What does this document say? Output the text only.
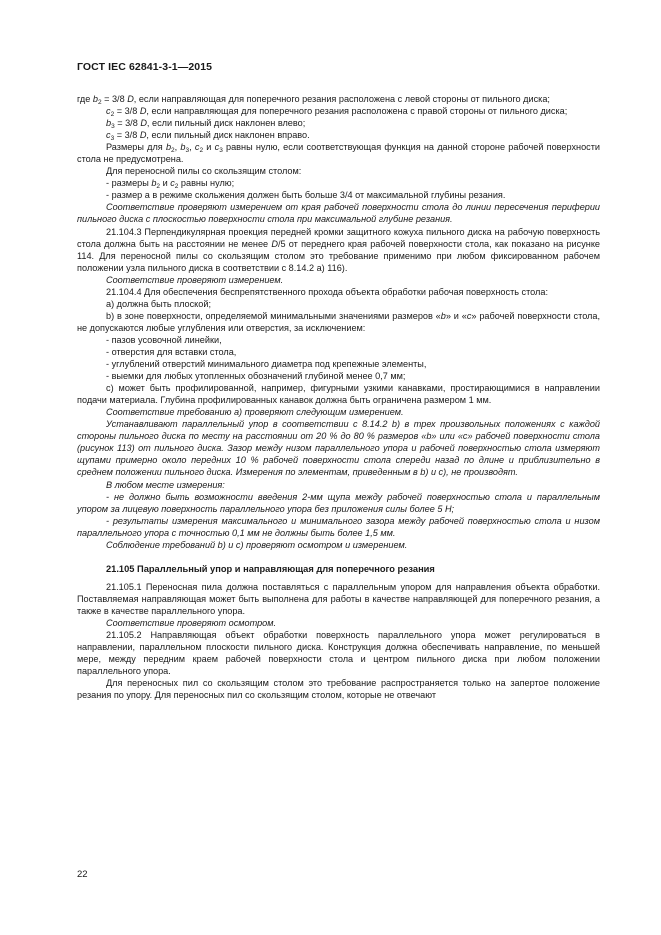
ГОСТ IEC 62841-3-1—2015

где $b_2 = 3/8$ D, если направляющая для поперечного резания расположена с левой стороны от пильного диска;

$c_2 = 3/8$ D, если направляющая для поперечного резания расположена с правой стороны от пильного диска;

$b_3 = 3/8$ D, если пильный диск наклонен влево;

$c_3 = 3/8$ D, если пильный диск наклонен вправо.

Размеры для $b_2$, $b_3$, $c_2$ и $c_3$ равны нулю, если соответствующая функция на данной стороне рабочей поверхности стола не предусмотрена.

Для переносной пилы со скользящим столом:

- размеры $b_2$ и $c_2$ равны нулю;

- размер a в режиме скольжения должен быть больше 3/4 от максимальной глубины резания.

Соответствие проверяют измерением от края рабочей поверхности стола до линии пересечения периферии пильного диска с плоскостью поверхности стола при максимальной глубине резания.

21.104.3 Перпендикулярная проекция передней кромки защитного кожуха пильного диска на рабочую поверхность стола должна быть на расстоянии не менее D/5 от переднего края рабочей поверхности стола, как показано на рисунке 114. Для переносной пилы со скользящим столом это требование применимо при любом фиксированном рабочем положении узла пильного диска в соответствии с 8.14.2 a) 116).

Соответствие проверяют измерением.

21.104.4 Для обеспечения беспрепятственного прохода объекта обработки рабочая поверхность стола:

a) должна быть плоской;

b) в зоне поверхности, определяемой минимальными значениями размеров «b» и «c» рабочей поверхности стола, не допускаются любые углубления или отверстия, за исключением:

- пазов усовочной линейки,

- отверстия для вставки стола,

- углублений отверстий минимального диаметра под крепежные элементы,

- выемки для любых утопленных обозначений глубиной менее 0,7 мм;

c) может быть профилированной, например, фигурными узкими канавками, простирающимися в направлении подачи материала. Глубина профилированных канавок должна быть ограничена размером 1 мм.

Соответствие требованию a) проверяют следующим измерением.

Устанавливают параллельный упор в соответствии с 8.14.2 b) в трех произвольных положениях с каждой стороны пильного диска по месту на расстоянии от 20 % до 80 % размеров «b» или «c» рабочей поверхности стола (рисунок 113) от пильного диска. Зазор между низом параллельного упора и рабочей поверхностью стола измеряют щупами примерно около передних 10 % рабочей поверхности стола спереди назад по длине и приблизительно в среднем положении пильного диска. Измерения по элементам, приведенным в b) и c), не производят.

В любом месте измерения:

- не должно быть возможности введения 2-мм щупа между рабочей поверхностью стола и параллельным упором за лицевую поверхность параллельного упора без приложения силы более 5 Н;

- результаты измерения максимального и минимального зазора между рабочей поверхностью стола и низом параллельного упора с точностью 0,1 мм не должны быть более 1,5 мм.

Соблюдение требований b) и c) проверяют осмотром и измерением.

21.105 Параллельный упор и направляющая для поперечного резания

21.105.1 Переносная пила должна поставляться с параллельным упором для направления объекта обработки. Поставляемая направляющая может быть выполнена для работы в качестве направляющей для поперечного резания, а также в качестве параллельного упора.

Соответствие проверяют осмотром.

21.105.2 Направляющая объект обработки поверхность параллельного упора может регулироваться в направлении, параллельном плоскости пильного диска. Конструкция должна обеспечивать направление, по меньшей мере, между передним краем рабочей поверхности стола и центром пильного диска при любом положении параллельного упора.

Для переносных пил со скользящим столом это требование распространяется только на запертое положение резания по упору. Для переносных пил со скользящим столом, которые не отвечают

22
